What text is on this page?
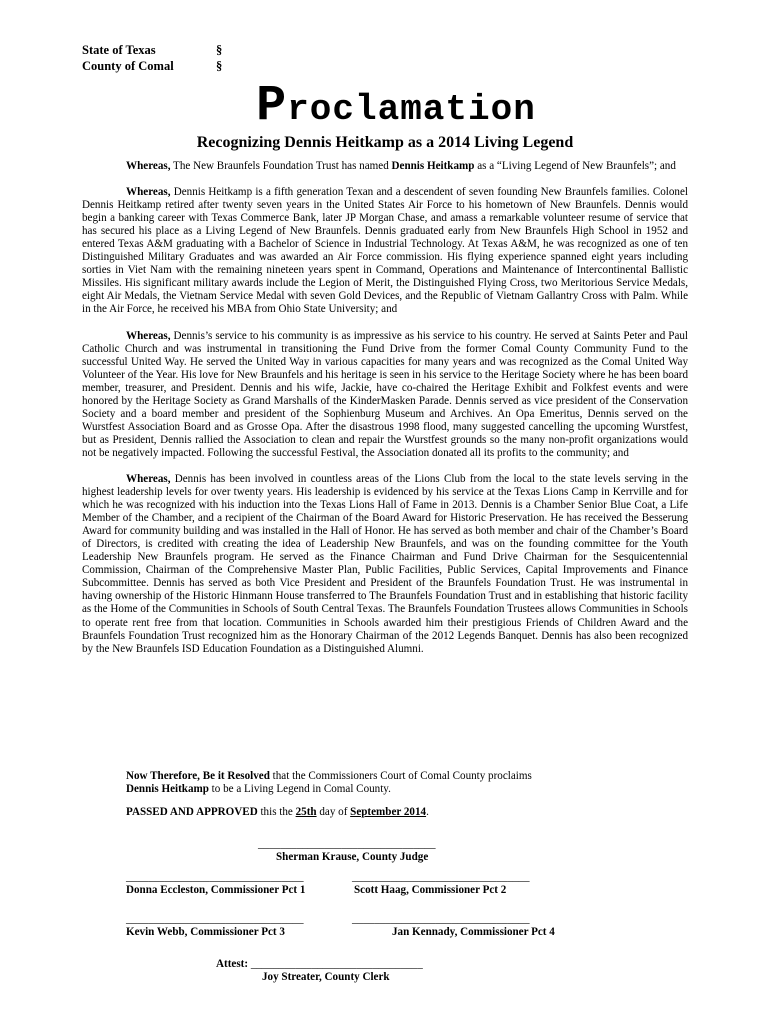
State of Texas	§
County of Comal	§
Proclamation
Recognizing Dennis Heitkamp as a 2014 Living Legend

Whereas, The New Braunfels Foundation Trust has named Dennis Heitkamp as a “Living Legend of New Braunfels”; and

Whereas, Dennis Heitkamp is a fifth generation Texan and a descendent of seven founding New Braunfels families. Colonel Dennis Heitkamp retired after twenty seven years in the United States Air Force to his hometown of New Braunfels. Dennis would begin a banking career with Texas Commerce Bank, later JP Morgan Chase, and amass a remarkable volunteer resume of service that has secured his place as a Living Legend of New Braunfels. Dennis graduated early from New Braunfels High School in 1952 and entered Texas A&M graduating with a Bachelor of Science in Industrial Technology. At Texas A&M, he was recognized as one of ten Distinguished Military Graduates and was awarded an Air Force commission. His flying experience spanned eight years including sorties in Viet Nam with the remaining nineteen years spent in Command, Operations and Maintenance of Intercontinental Ballistic Missiles. His significant military awards include the Legion of Merit, the Distinguished Flying Cross, two Meritorious Service Medals, eight Air Medals, the Vietnam Service Medal with seven Gold Devices, and the Republic of Vietnam Gallantry Cross with Palm. While in the Air Force, he received his MBA from Ohio State University; and

Whereas, Dennis’s service to his community is as impressive as his service to his country. He served at Saints Peter and Paul Catholic Church and was instrumental in transitioning the Fund Drive from the former Comal County Community Fund to the successful United Way. He served the United Way in various capacities for many years and was recognized as the Comal United Way Volunteer of the Year. His love for New Braunfels and his heritage is seen in his service to the Heritage Society where he has been board member, treasurer, and President. Dennis and his wife, Jackie, have co-chaired the Heritage Exhibit and Folkfest events and were honored by the Heritage Society as Grand Marshalls of the KinderMasken Parade. Dennis served as vice president of the Conservation Society and a board member and president of the Sophienburg Museum and Archives. An Opa Emeritus, Dennis served on the Wurstfest Association Board and as Grosse Opa. After the disastrous 1998 flood, many suggested cancelling the upcoming Wurstfest, but as President, Dennis rallied the Association to clean and repair the Wurstfest grounds so the many non-profit organizations would not be negatively impacted. Following the successful Festival, the Association donated all its profits to the community; and

Whereas, Dennis has been involved in countless areas of the Lions Club from the local to the state levels serving in the highest leadership levels for over twenty years. His leadership is evidenced by his service at the Texas Lions Camp in Kerrville and for which he was recognized with his induction into the Texas Lions Hall of Fame in 2013. Dennis is a Chamber Senior Blue Coat, a Life Member of the Chamber, and a recipient of the Chairman of the Board Award for Historic Preservation. He has received the Besserung Award for community building and was installed in the Hall of Honor. He has served as both member and chair of the Chamber’s Board of Directors, is credited with creating the idea of Leadership New Braunfels, and was on the founding committee for the Youth Leadership New Braunfels program. He served as the Finance Chairman and Fund Drive Chairman for the Sesquicentennial Commission, Chairman of the Comprehensive Master Plan, Public Facilities, Public Services, Capital Improvements and Finance Subcommittee. Dennis has served as both Vice President and President of the Braunfels Foundation Trust. He was instrumental in having ownership of the Historic Hinmann House transferred to The Braunfels Foundation Trust and in establishing that historic facility as the Home of the Communities in Schools of South Central Texas. The Braunfels Foundation Trustees allows Communities in Schools to operate rent free from that location. Communities in Schools awarded him their prestigious Friends of Children Award and the Braunfels Foundation Trust recognized him as the Honorary Chairman of the 2012 Legends Banquet. Dennis has also been recognized by the New Braunfels ISD Education Foundation as a Distinguished Alumni.

Now Therefore, Be it Resolved that the Commissioners Court of Comal County proclaims
Dennis Heitkamp to be a Living Legend in Comal County.
PASSED AND APPROVED this the 25th day of September 2014.
________________________________
Sherman Krause, County Judge
________________________________
Donna Eccleston, Commissioner Pct 1
________________________________
Scott Haag, Commissioner Pct 2
________________________________
Kevin Webb, Commissioner Pct 3
________________________________
Jan Kennady, Commissioner Pct 4
Attest: _______________________________
Joy Streater, County Clerk
